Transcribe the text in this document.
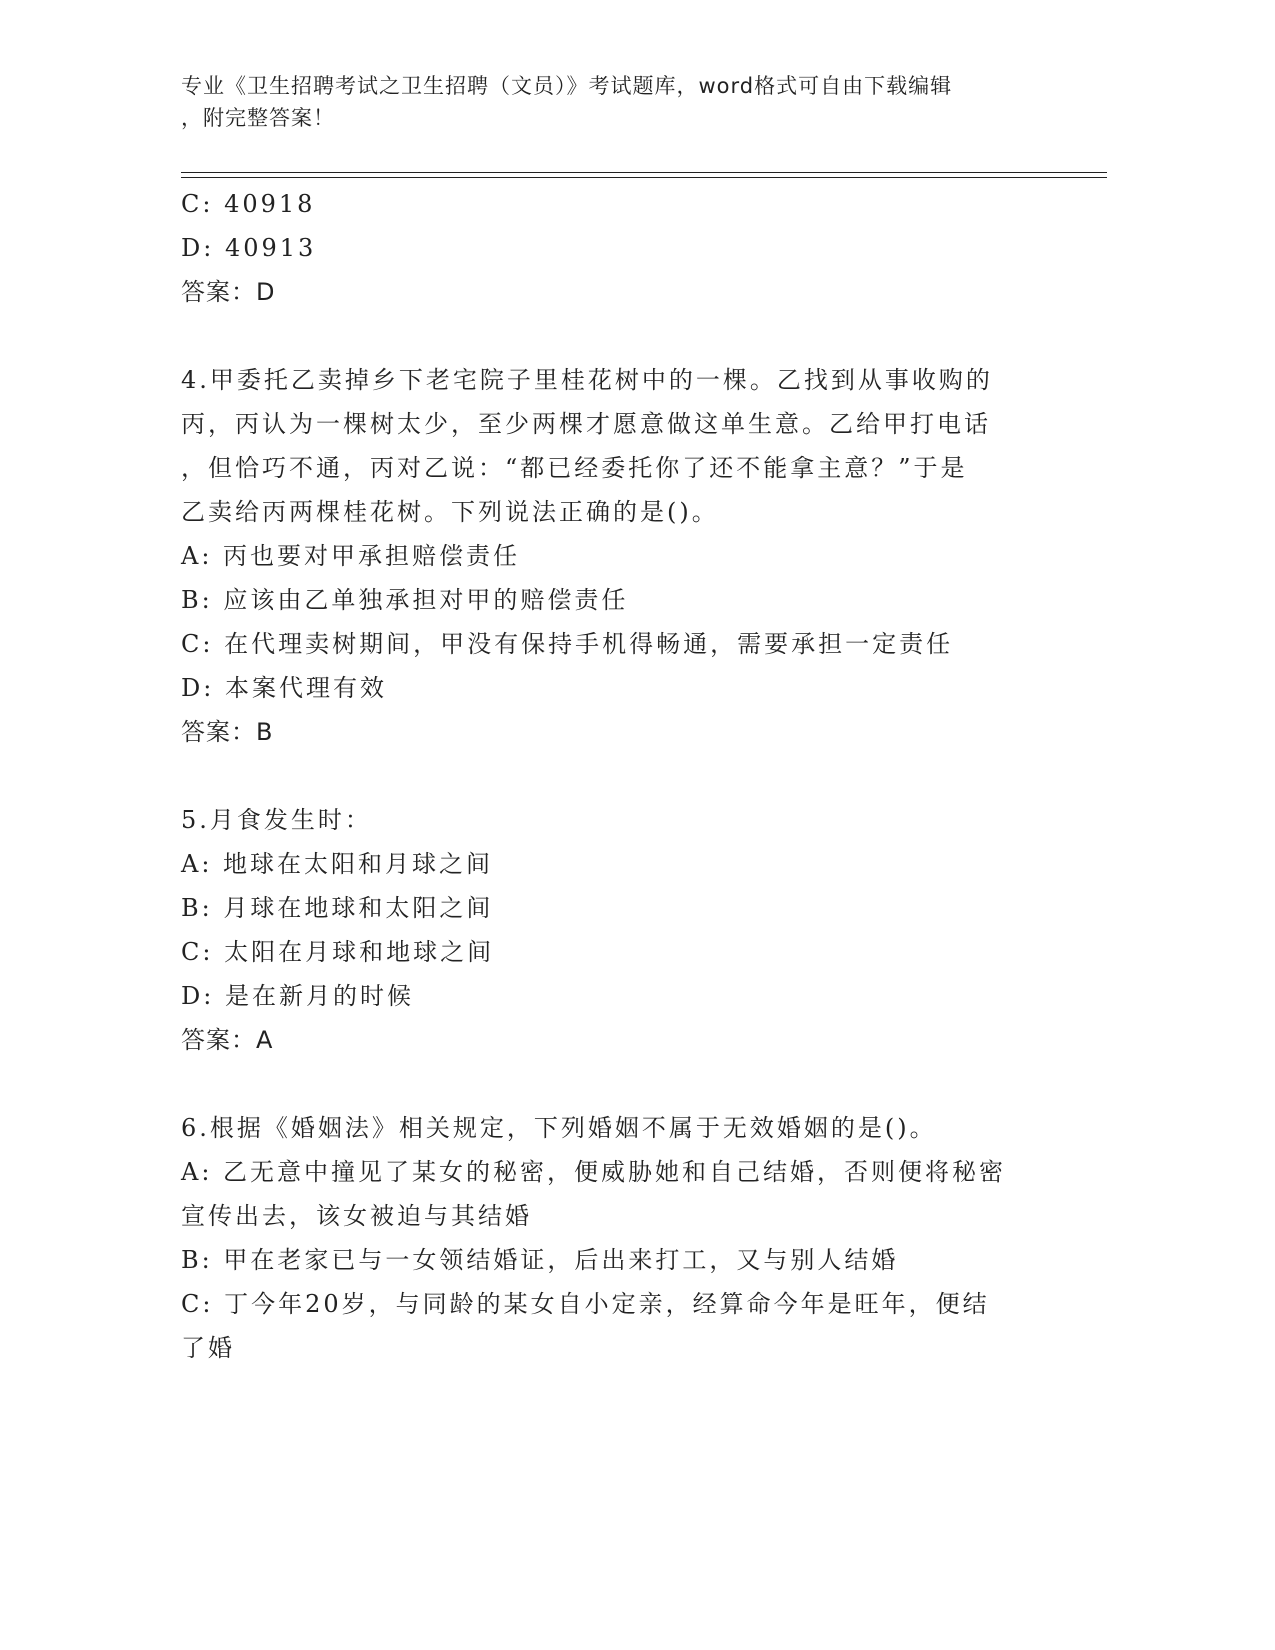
专业《卫生招聘考试之卫生招聘（文员）》考试题库，word格式可自由下载编辑
，附完整答案！
C: 40918
D: 40913
答案：D
4.甲委托乙卖掉乡下老宅院子里桂花树中的一棵。乙找到从事收购的
丙，丙认为一棵树太少，至少两棵才愿意做这单生意。乙给甲打电话
，但恰巧不通，丙对乙说：“都已经委托你了还不能拿主意？”于是
乙卖给丙两棵桂花树。下列说法正确的是()。
A: 丙也要对甲承担赔偿责任
B: 应该由乙单独承担对甲的赔偿责任
C: 在代理卖树期间，甲没有保持手机得畅通，需要承担一定责任
D: 本案代理有效
答案：B
5.月食发生时：
A: 地球在太阳和月球之间
B: 月球在地球和太阳之间
C: 太阳在月球和地球之间
D: 是在新月的时候
答案：A
6.根据《婚姻法》相关规定，下列婚姻不属于无效婚姻的是()。
A: 乙无意中撞见了某女的秘密，便威胁她和自己结婚，否则便将秘密
宣传出去，该女被迫与其结婚
B: 甲在老家已与一女领结婚证，后出来打工，又与别人结婚
C: 丁今年20岁，与同龄的某女自小定亲，经算命今年是旺年，便结
了婚
